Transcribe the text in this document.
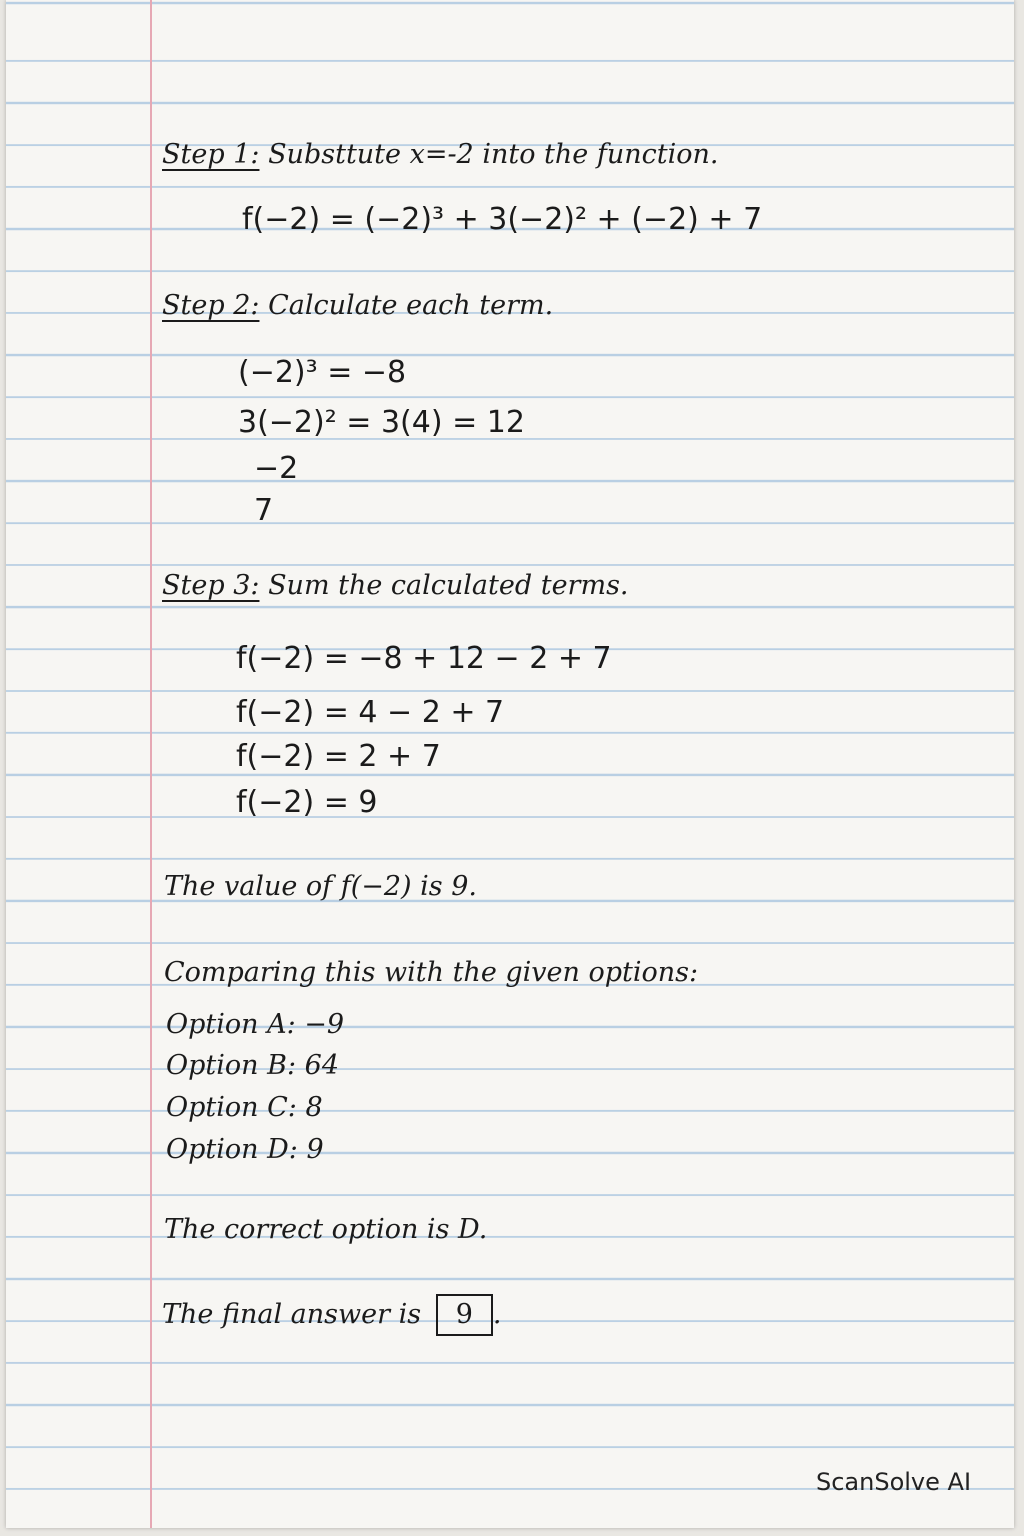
Step 1: Substtute x=-2 into the function.

f(−2) = (−2)³ + 3(−2)² + (−2) + 7

Step 2: Calculate each term.

(−2)³ = −8

3(−2)² = 3(4) = 12

−2

7

Step 3: Sum the calculated terms.

f(−2) = −8 + 12 − 2 + 7

f(−2) = 4 − 2 + 7

f(−2) = 2 + 7

f(−2) = 9

The value of f(−2) is 9.

Comparing this with the given options:

Option A: −9

Option B: 64

Option C: 8

Option D: 9

The correct option is D.

The final answer is 9 .

ScanSolve AI
